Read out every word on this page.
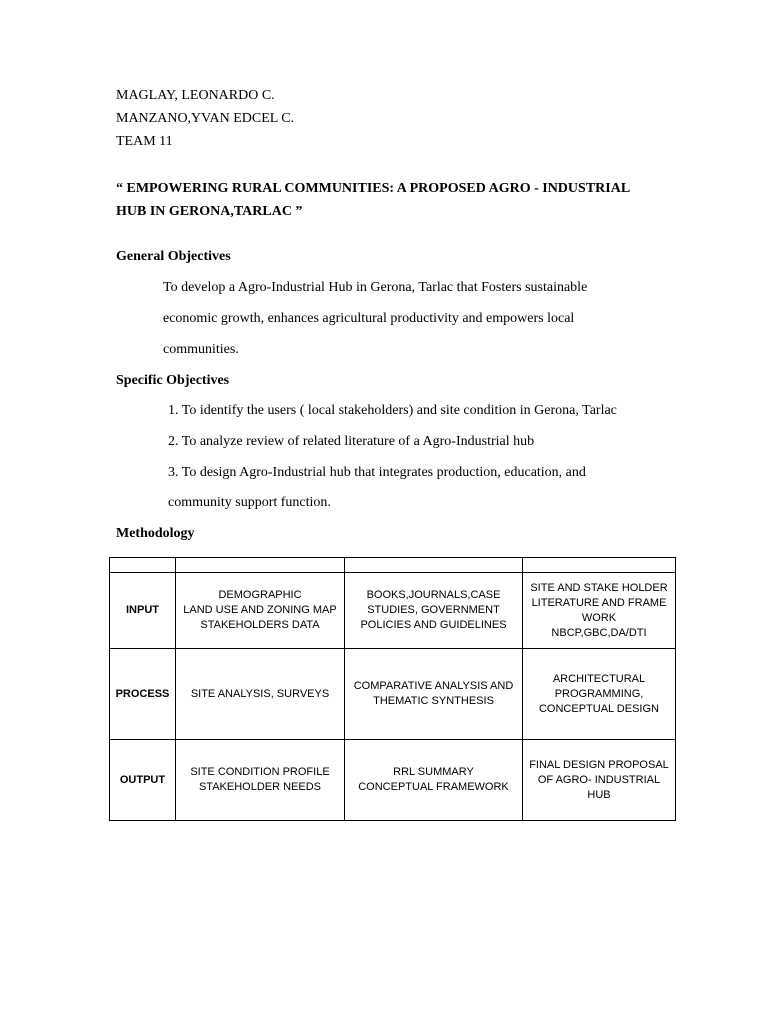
MAGLAY, LEONARDO C.
MANZANO,YVAN EDCEL C.
TEAM 11
“ EMPOWERING RURAL COMMUNITIES: A PROPOSED AGRO - INDUSTRIAL
HUB IN GERONA,TARLAC ”
General Objectives
To develop a Agro-Industrial Hub in Gerona, Tarlac that Fosters sustainable
economic growth, enhances agricultural productivity and empowers local
communities.
Specific Objectives
1. To identify the users ( local stakeholders) and site condition in Gerona, Tarlac
2. To analyze review of related literature of a Agro-Industrial hub
3. To design Agro-Industrial hub that integrates production, education, and
community support function.
Methodology

INPUT	DEMOGRAPHIC
LAND USE AND ZONING MAP
STAKEHOLDERS DATA	BOOKS,JOURNALS,CASE
STUDIES, GOVERNMENT
POLICIES AND GUIDELINES	SITE AND STAKE HOLDER
LITERATURE AND FRAME
WORK
NBCP,GBC,DA/DTI

PROCESS	SITE ANALYSIS, SURVEYS	COMPARATIVE ANALYSIS AND
THEMATIC SYNTHESIS	ARCHITECTURAL
PROGRAMMING,
CONCEPTUAL DESIGN

OUTPUT	SITE CONDITION PROFILE
STAKEHOLDER NEEDS	RRL SUMMARY
CONCEPTUAL FRAMEWORK	FINAL DESIGN PROPOSAL
OF AGRO- INDUSTRIAL
HUB
